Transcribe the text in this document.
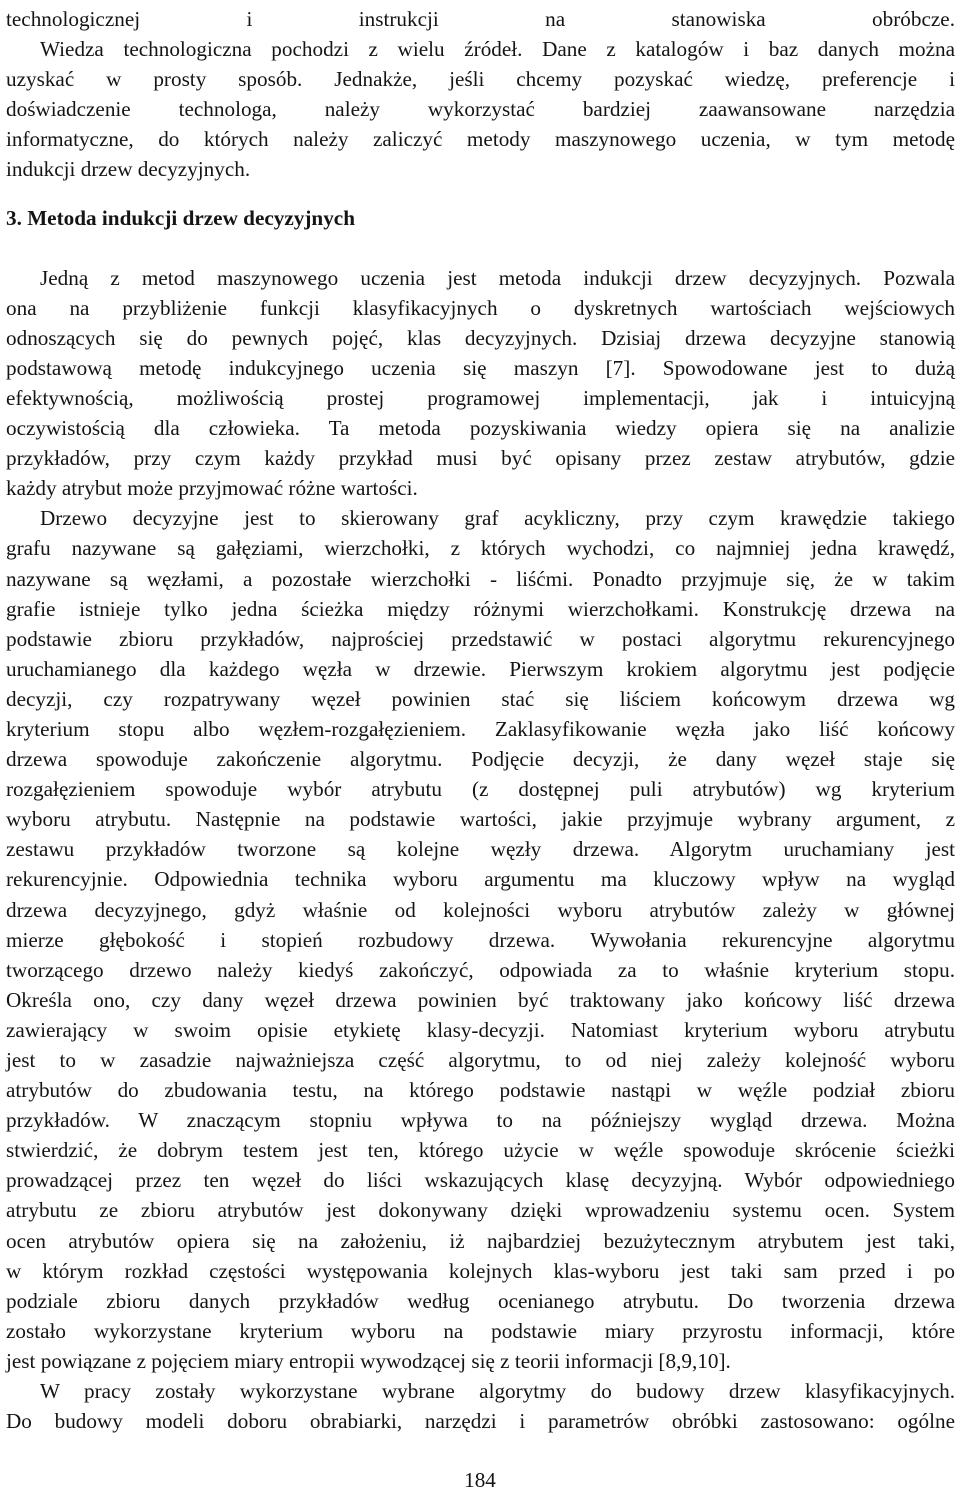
technologicznej i instrukcji na stanowiska obróbcze.
Wiedza technologiczna pochodzi z wielu źródeł. Dane z katalogów i baz danych można
uzyskać w prosty sposób. Jednakże, jeśli chcemy pozyskać wiedzę, preferencje i
doświadczenie technologa, należy wykorzystać bardziej zaawansowane narzędzia
informatyczne, do których należy zaliczyć metody maszynowego uczenia, w tym metodę
indukcji drzew decyzyjnych.
3. Metoda indukcji drzew decyzyjnych
Jedną z metod maszynowego uczenia jest metoda indukcji drzew decyzyjnych. Pozwala
ona na przybliżenie funkcji klasyfikacyjnych o dyskretnych wartościach wejściowych
odnoszących się do pewnych pojęć, klas decyzyjnych. Dzisiaj drzewa decyzyjne stanowią
podstawową metodę indukcyjnego uczenia się maszyn [7]. Spowodowane jest to dużą
efektywnością, możliwością prostej programowej implementacji, jak i intuicyjną
oczywistością dla człowieka. Ta metoda pozyskiwania wiedzy opiera się na analizie
przykładów, przy czym każdy przykład musi być opisany przez zestaw atrybutów, gdzie
każdy atrybut może przyjmować różne wartości.
Drzewo decyzyjne jest to skierowany graf acykliczny, przy czym krawędzie takiego
grafu nazywane są gałęziami, wierzchołki, z których wychodzi, co najmniej jedna krawędź,
nazywane są węzłami, a pozostałe wierzchołki - liśćmi. Ponadto przyjmuje się, że w takim
grafie istnieje tylko jedna ścieżka między różnymi wierzchołkami. Konstrukcję drzewa na
podstawie zbioru przykładów, najprościej przedstawić w postaci algorytmu rekurencyjnego
uruchamianego dla każdego węzła w drzewie. Pierwszym krokiem algorytmu jest podjęcie
decyzji, czy rozpatrywany węzeł powinien stać się liściem końcowym drzewa wg
kryterium stopu albo węzłem-rozgałęzieniem. Zaklasyfikowanie węzła jako liść końcowy
drzewa spowoduje zakończenie algorytmu. Podjęcie decyzji, że dany węzeł staje się
rozgałęzieniem spowoduje wybór atrybutu (z dostępnej puli atrybutów) wg kryterium
wyboru atrybutu. Następnie na podstawie wartości, jakie przyjmuje wybrany argument, z
zestawu przykładów tworzone są kolejne węzły drzewa. Algorytm uruchamiany jest
rekurencyjnie. Odpowiednia technika wyboru argumentu ma kluczowy wpływ na wygląd
drzewa decyzyjnego, gdyż właśnie od kolejności wyboru atrybutów zależy w głównej
mierze głębokość i stopień rozbudowy drzewa. Wywołania rekurencyjne algorytmu
tworzącego drzewo należy kiedyś zakończyć, odpowiada za to właśnie kryterium stopu.
Określa ono, czy dany węzeł drzewa powinien być traktowany jako końcowy liść drzewa
zawierający w swoim opisie etykietę klasy-decyzji. Natomiast kryterium wyboru atrybutu
jest to w zasadzie najważniejsza część algorytmu, to od niej zależy kolejność wyboru
atrybutów do zbudowania testu, na którego podstawie nastąpi w węźle podział zbioru
przykładów. W znaczącym stopniu wpływa to na późniejszy wygląd drzewa. Można
stwierdzić, że dobrym testem jest ten, którego użycie w węźle spowoduje skrócenie ścieżki
prowadzącej przez ten węzeł do liści wskazujących klasę decyzyjną. Wybór odpowiedniego
atrybutu ze zbioru atrybutów jest dokonywany dzięki wprowadzeniu systemu ocen. System
ocen atrybutów opiera się na założeniu, iż najbardziej bezużytecznym atrybutem jest taki,
w którym rozkład częstości występowania kolejnych klas-wyboru jest taki sam przed i po
podziale zbioru danych przykładów według ocenianego atrybutu. Do tworzenia drzewa
zostało wykorzystane kryterium wyboru na podstawie miary przyrostu informacji, które
jest powiązane z pojęciem miary entropii wywodzącej się z teorii informacji [8,9,10].
W pracy zostały wykorzystane wybrane algorytmy do budowy drzew klasyfikacyjnych.
Do budowy modeli doboru obrabiarki, narzędzi i parametrów obróbki zastosowano: ogólne
184
